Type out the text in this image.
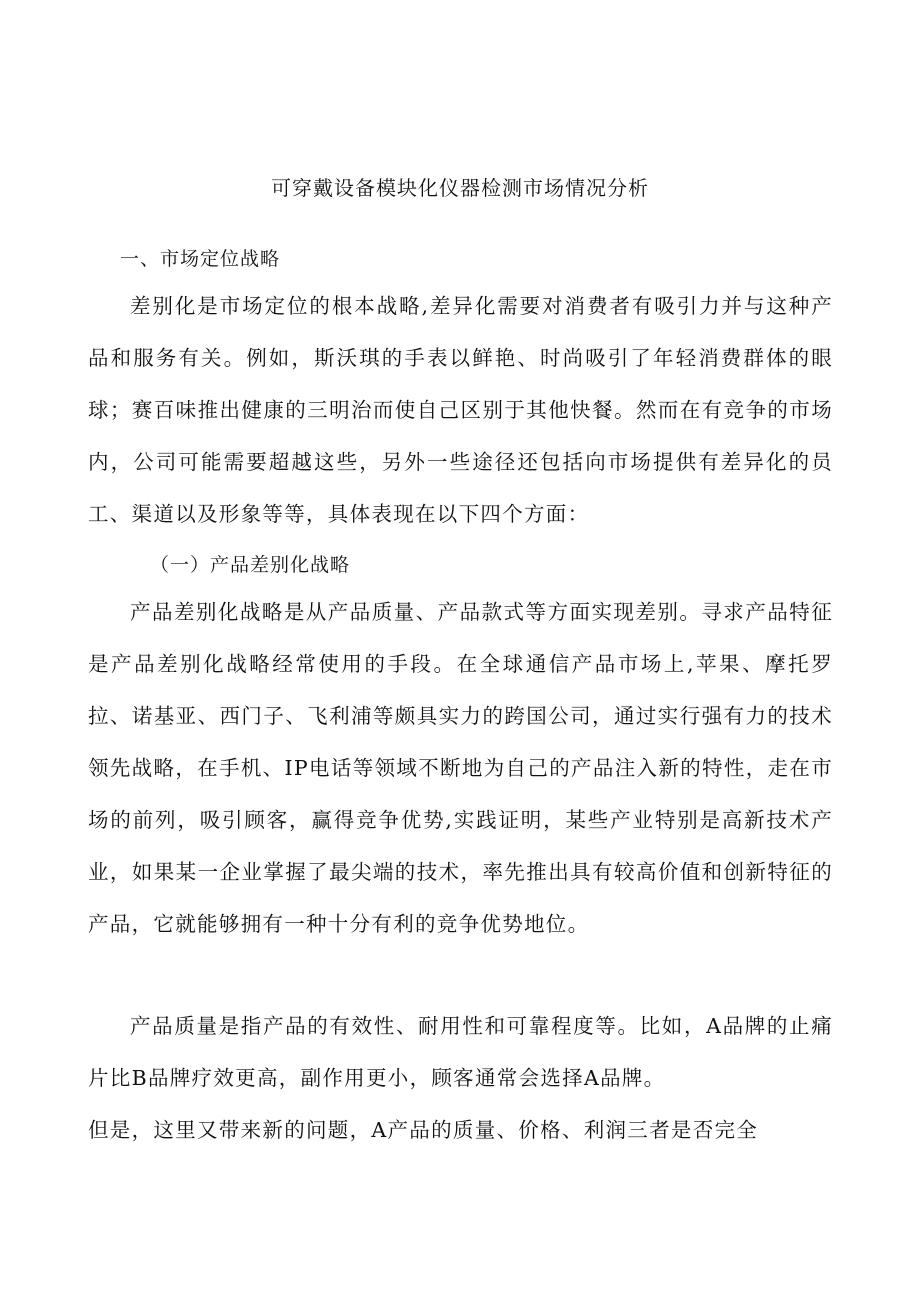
可穿戴设备模块化仪器检测市场情况分析
一、市场定位战略

差别化是市场定位的根本战略,差异化需要对消费者有吸引力并与这种产品和服务有关。例如，斯沃琪的手表以鲜艳、时尚吸引了年轻消费群体的眼球；赛百味推出健康的三明治而使自己区别于其他快餐。然而在有竞争的市场内，公司可能需要超越这些，另外一些途径还包括向市场提供有差异化的员工、渠道以及形象等等，具体表现在以下四个方面：

（一）产品差别化战略

产品差别化战略是从产品质量、产品款式等方面实现差别。寻求产品特征是产品差别化战略经常使用的手段。在全球通信产品市场上,苹果、摩托罗拉、诺基亚、西门子、飞利浦等颇具实力的跨国公司，通过实行强有力的技术领先战略，在手机、IP电话等领域不断地为自己的产品注入新的特性，走在市场的前列，吸引顾客，赢得竞争优势,实践证明，某些产业特别是高新技术产业，如果某一企业掌握了最尖端的技术，率先推出具有较高价值和创新特征的产品，它就能够拥有一种十分有利的竞争优势地位。

产品质量是指产品的有效性、耐用性和可靠程度等。比如，A品牌的止痛片比B品牌疗效更高，副作用更小，顾客通常会选择A品牌。

但是，这里又带来新的问题，A产品的质量、价格、利润三者是否完全
